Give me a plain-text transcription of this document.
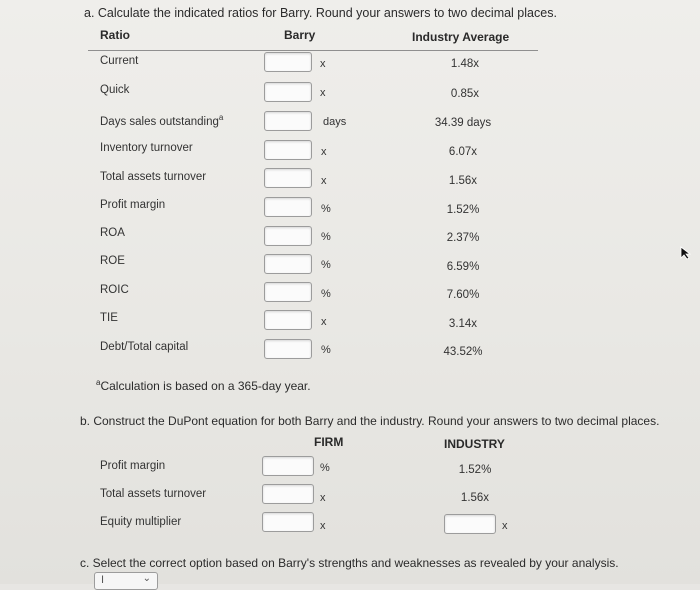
a. Calculate the indicated ratios for Barry. Round your answers to two decimal places.
Ratio	Barry	Industry Average
Current	x	1.48x
Quick	x	0.85x
Days sales outstanding$^a$	days	34.39 days
Inventory turnover	x	6.07x
Total assets turnover	x	1.56x
Profit margin	%	1.52%
ROA	%	2.37%
ROE	%	6.59%
ROIC	%	7.60%
TIE	x	3.14x
Debt/Total capital	%	43.52%
$^a$Calculation is based on a 365-day year.
b. Construct the DuPont equation for both Barry and the industry. Round your answers to two decimal places.
FIRM	INDUSTRY
Profit margin	%	1.52%
Total assets turnover	x	1.56x
Equity multiplier	x	x
c. Select the correct option based on Barry's strengths and weaknesses as revealed by your analysis.
I	⌄
